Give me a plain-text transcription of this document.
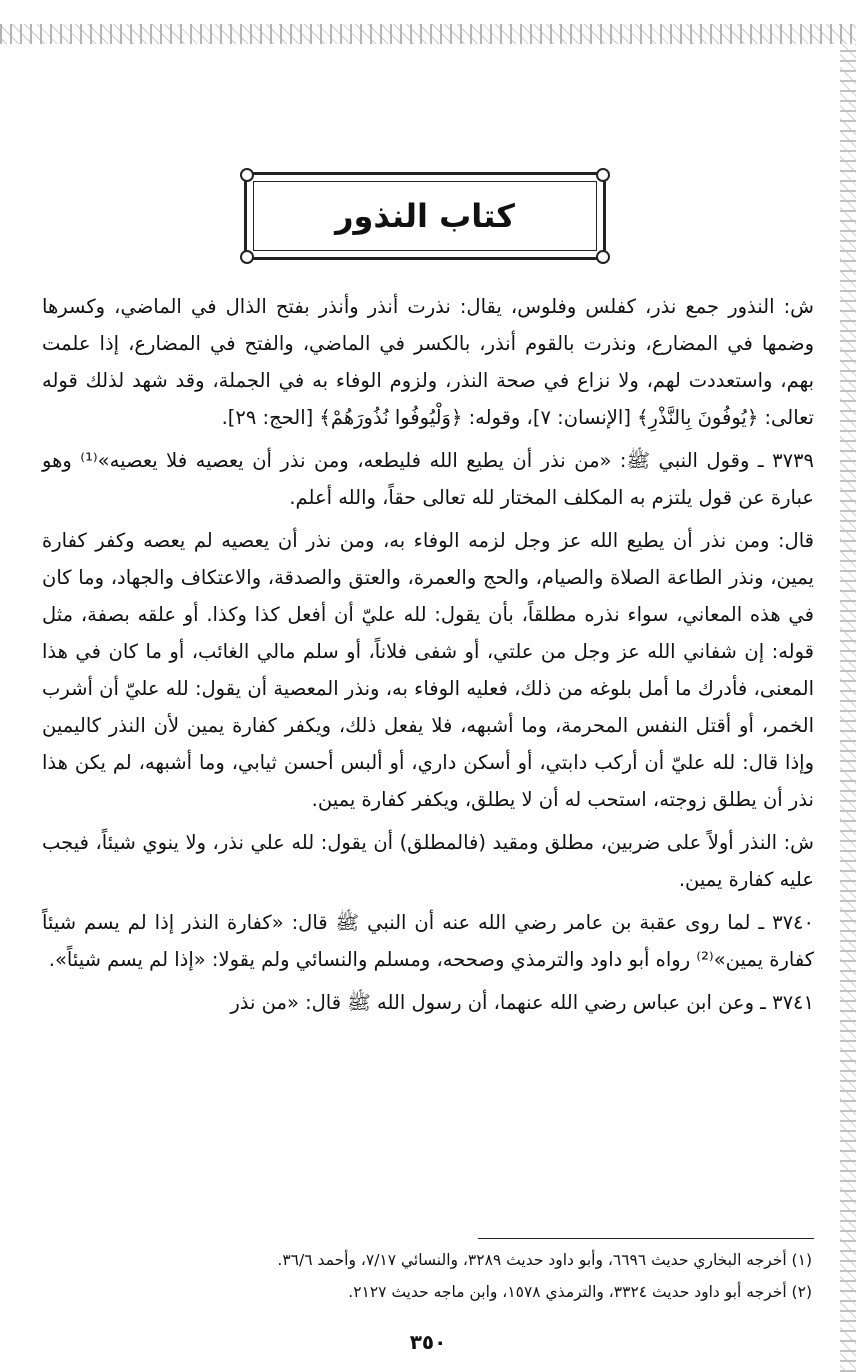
كتاب النذور

ش: النذور جمع نذر، كفلس وفلوس، يقال: نذرت أنذر وأنذر بفتح الذال في الماضي، وكسرها وضمها في المضارع، ونذرت بالقوم أنذر، بالكسر في الماضي، والفتح في المضارع، إذا علمت بهم، واستعددت لهم، ولا نزاع في صحة النذر، ولزوم الوفاء به في الجملة، وقد شهد لذلك قوله تعالى: ﴿يُوفُونَ بِالنَّذْرِ﴾ [الإنسان: ٧]، وقوله: ﴿وَلْيُوفُوا نُذُورَهُمْ﴾ [الحج: ٢٩].

٣٧٣٩ ـ وقول النبي ﷺ: «من نذر أن يطيع الله فليطعه، ومن نذر أن يعصيه فلا يعصيه»⁽¹⁾ وهو عبارة عن قول يلتزم به المكلف المختار لله تعالى حقاً، والله أعلم.

قال: ومن نذر أن يطيع الله عز وجل لزمه الوفاء به، ومن نذر أن يعصيه لم يعصه وكفر كفارة يمين، ونذر الطاعة الصلاة والصيام، والحج والعمرة، والعتق والصدقة، والاعتكاف والجهاد، وما كان في هذه المعاني، سواء نذره مطلقاً، بأن يقول: لله عليّ أن أفعل كذا وكذا. أو علقه بصفة، مثل قوله: إن شفاني الله عز وجل من علتي، أو شفى فلاناً، أو سلم مالي الغائب، أو ما كان في هذا المعنى، فأدرك ما أمل بلوغه من ذلك، فعليه الوفاء به، ونذر المعصية أن يقول: لله عليّ أن أشرب الخمر، أو أقتل النفس المحرمة، وما أشبهه، فلا يفعل ذلك، ويكفر كفارة يمين لأن النذر كاليمين وإذا قال: لله عليّ أن أركب دابتي، أو أسكن داري، أو ألبس أحسن ثيابي، وما أشبهه، لم يكن هذا نذر أن يطلق زوجته، استحب له أن لا يطلق، ويكفر كفارة يمين.

ش: النذر أولاً على ضربين، مطلق ومقيد (فالمطلق) أن يقول: لله علي نذر، ولا ينوي شيئاً، فيجب عليه كفارة يمين.

٣٧٤٠ ـ لما روى عقبة بن عامر رضي الله عنه أن النبي ﷺ قال: «كفارة النذر إذا لم يسم شيئاً كفارة يمين»⁽²⁾ رواه أبو داود والترمذي وصححه، ومسلم والنسائي ولم يقولا: «إذا لم يسم شيئاً».

٣٧٤١ ـ وعن ابن عباس رضي الله عنهما، أن رسول الله ﷺ قال: «من نذر

(١) أخرجه البخاري حديث ٦٦٩٦، وأبو داود حديث ٣٢٨٩، والنسائي ٧/١٧، وأحمد ٣٦/٦.

(٢) أخرجه أبو داود حديث ٣٣٢٤، والترمذي ١٥٧٨، وابن ماجه حديث ٢١٢٧.

٣٥٠
